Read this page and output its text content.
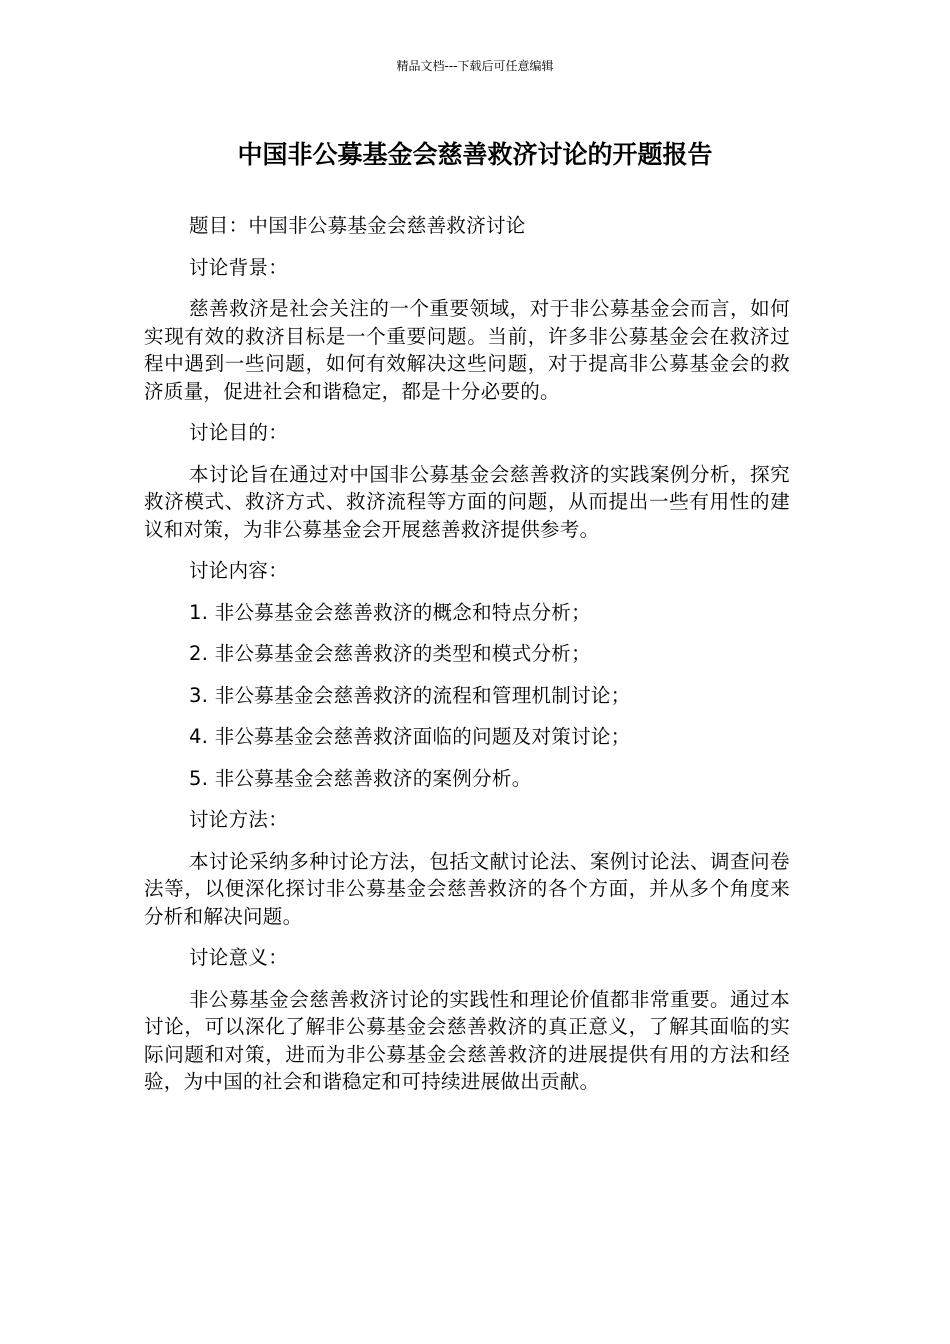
精品文档---下载后可任意编辑
中国非公募基金会慈善救济讨论的开题报告

题目：中国非公募基金会慈善救济讨论

讨论背景：

慈善救济是社会关注的一个重要领域，对于非公募基金会而言，如何实现有效的救济目标是一个重要问题。当前，许多非公募基金会在救济过程中遇到一些问题，如何有效解决这些问题，对于提高非公募基金会的救济质量，促进社会和谐稳定，都是十分必要的。

讨论目的：

本讨论旨在通过对中国非公募基金会慈善救济的实践案例分析，探究救济模式、救济方式、救济流程等方面的问题，从而提出一些有用性的建议和对策，为非公募基金会开展慈善救济提供参考。

讨论内容：

1. 非公募基金会慈善救济的概念和特点分析；

2. 非公募基金会慈善救济的类型和模式分析；

3. 非公募基金会慈善救济的流程和管理机制讨论；

4. 非公募基金会慈善救济面临的问题及对策讨论；

5. 非公募基金会慈善救济的案例分析。

讨论方法：

本讨论采纳多种讨论方法，包括文献讨论法、案例讨论法、调查问卷法等，以便深化探讨非公募基金会慈善救济的各个方面，并从多个角度来分析和解决问题。

讨论意义：

非公募基金会慈善救济讨论的实践性和理论价值都非常重要。通过本讨论，可以深化了解非公募基金会慈善救济的真正意义，了解其面临的实际问题和对策，进而为非公募基金会慈善救济的进展提供有用的方法和经验，为中国的社会和谐稳定和可持续进展做出贡献。
